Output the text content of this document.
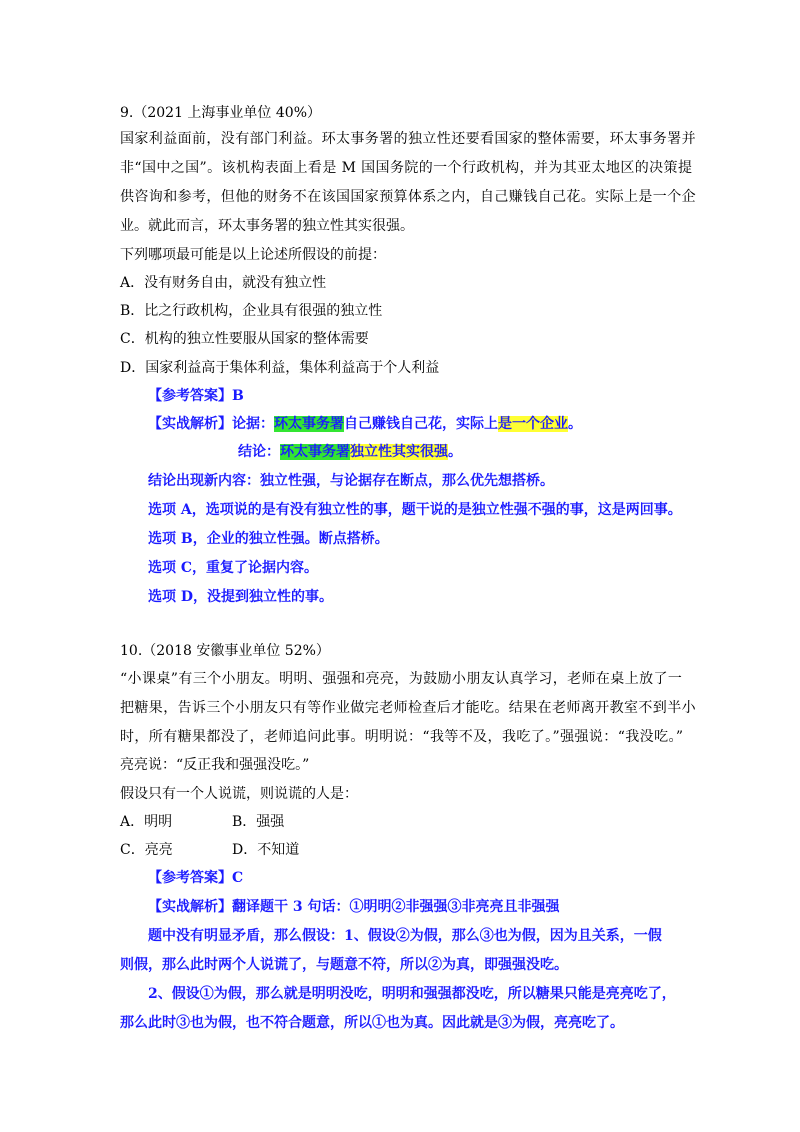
9.（2021 上海事业单位 40%）
国家利益面前，没有部门利益。环太事务署的独立性还要看国家的整体需要，环太事务署并
非“国中之国”。该机构表面上看是 M 国国务院的一个行政机构，并为其亚太地区的决策提
供咨询和参考，但他的财务不在该国国家预算体系之内，自己赚钱自己花。实际上是一个企
业。就此而言，环太事务署的独立性其实很强。
下列哪项最可能是以上论述所假设的前提：
A．没有财务自由，就没有独立性
B．比之行政机构，企业具有很强的独立性
C．机构的独立性要服从国家的整体需要
D．国家利益高于集体利益，集体利益高于个人利益
【参考答案】B
【实战解析】论据：环太事务署自己赚钱自己花，实际上是一个企业。
结论：环太事务署独立性其实很强。
结论出现新内容：独立性强，与论据存在断点，那么优先想搭桥。
选项 A，选项说的是有没有独立性的事，题干说的是独立性强不强的事，这是两回事。
选项 B，企业的独立性强。断点搭桥。
选项 C，重复了论据内容。
选项 D，没提到独立性的事。
10.（2018 安徽事业单位 52%）
“小课桌”有三个小朋友。明明、强强和亮亮，为鼓励小朋友认真学习，老师在桌上放了一
把糖果，告诉三个小朋友只有等作业做完老师检查后才能吃。结果在老师离开教室不到半小
时，所有糖果都没了，老师追问此事。明明说：“我等不及，我吃了。”强强说：“我没吃。”
亮亮说：“反正我和强强没吃。”
假设只有一个人说谎，则说谎的人是：
A．明明	B．强强
C．亮亮	D．不知道
【参考答案】C
【实战解析】翻译题干 3 句话：①明明②非强强③非亮亮且非强强
题中没有明显矛盾，那么假设：1、假设②为假，那么③也为假，因为且关系，一假
则假，那么此时两个人说谎了，与题意不符，所以②为真，即强强没吃。
2、假设①为假，那么就是明明没吃，明明和强强都没吃，所以糖果只能是亮亮吃了，
那么此时③也为假，也不符合题意，所以①也为真。因此就是③为假，亮亮吃了。
